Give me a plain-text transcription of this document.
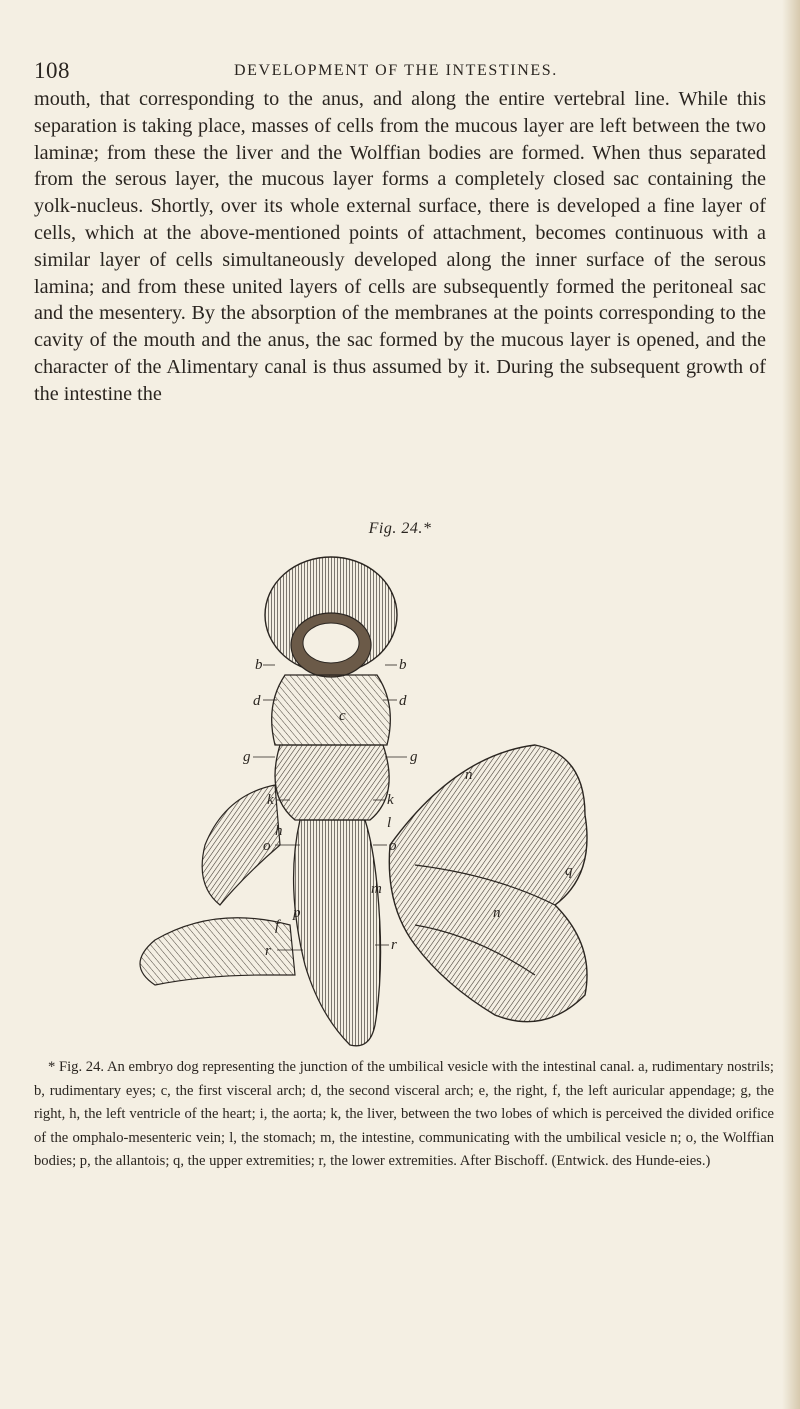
108	DEVELOPMENT OF THE INTESTINES.

mouth, that corresponding to the anus, and along the entire vertebral line. While this separation is taking place, masses of cells from the mucous layer are left between the two laminæ; from these the liver and the Wolffian bodies are formed. When thus separated from the serous layer, the mucous layer forms a completely closed sac containing the yolk-nucleus. Shortly, over its whole external surface, there is developed a fine layer of cells, which at the above-mentioned points of attachment, becomes continuous with a similar layer of cells simultaneously developed along the inner surface of the serous lamina; and from these united layers of cells are subsequently formed the peritoneal sac and the mesentery. By the absorption of the membranes at the points corresponding to the cavity of the mouth and the anus, the sac formed by the mucous layer is opened, and the character of the Alimentary canal is thus assumed by it. During the subsequent growth of the intestine the

Fig. 24.*
b	b
d	d
c
g	g
k	k
h	l
o	o
n
m
f
p	n
r	r
q

* Fig. 24. An embryo dog representing the junction of the umbilical vesicle with the intestinal canal. a, rudimentary nostrils; b, rudimentary eyes; c, the first visceral arch; d, the second visceral arch; e, the right, f, the left auricular appendage; g, the right, h, the left ventricle of the heart; i, the aorta; k, the liver, between the two lobes of which is perceived the divided orifice of the omphalo-mesenteric vein; l, the stomach; m, the intestine, communicating with the umbilical vesicle n; o, the Wolffian bodies; p, the allantois; q, the upper extremities; r, the lower extremities. After Bischoff. (Entwick. des Hunde-eies.)
